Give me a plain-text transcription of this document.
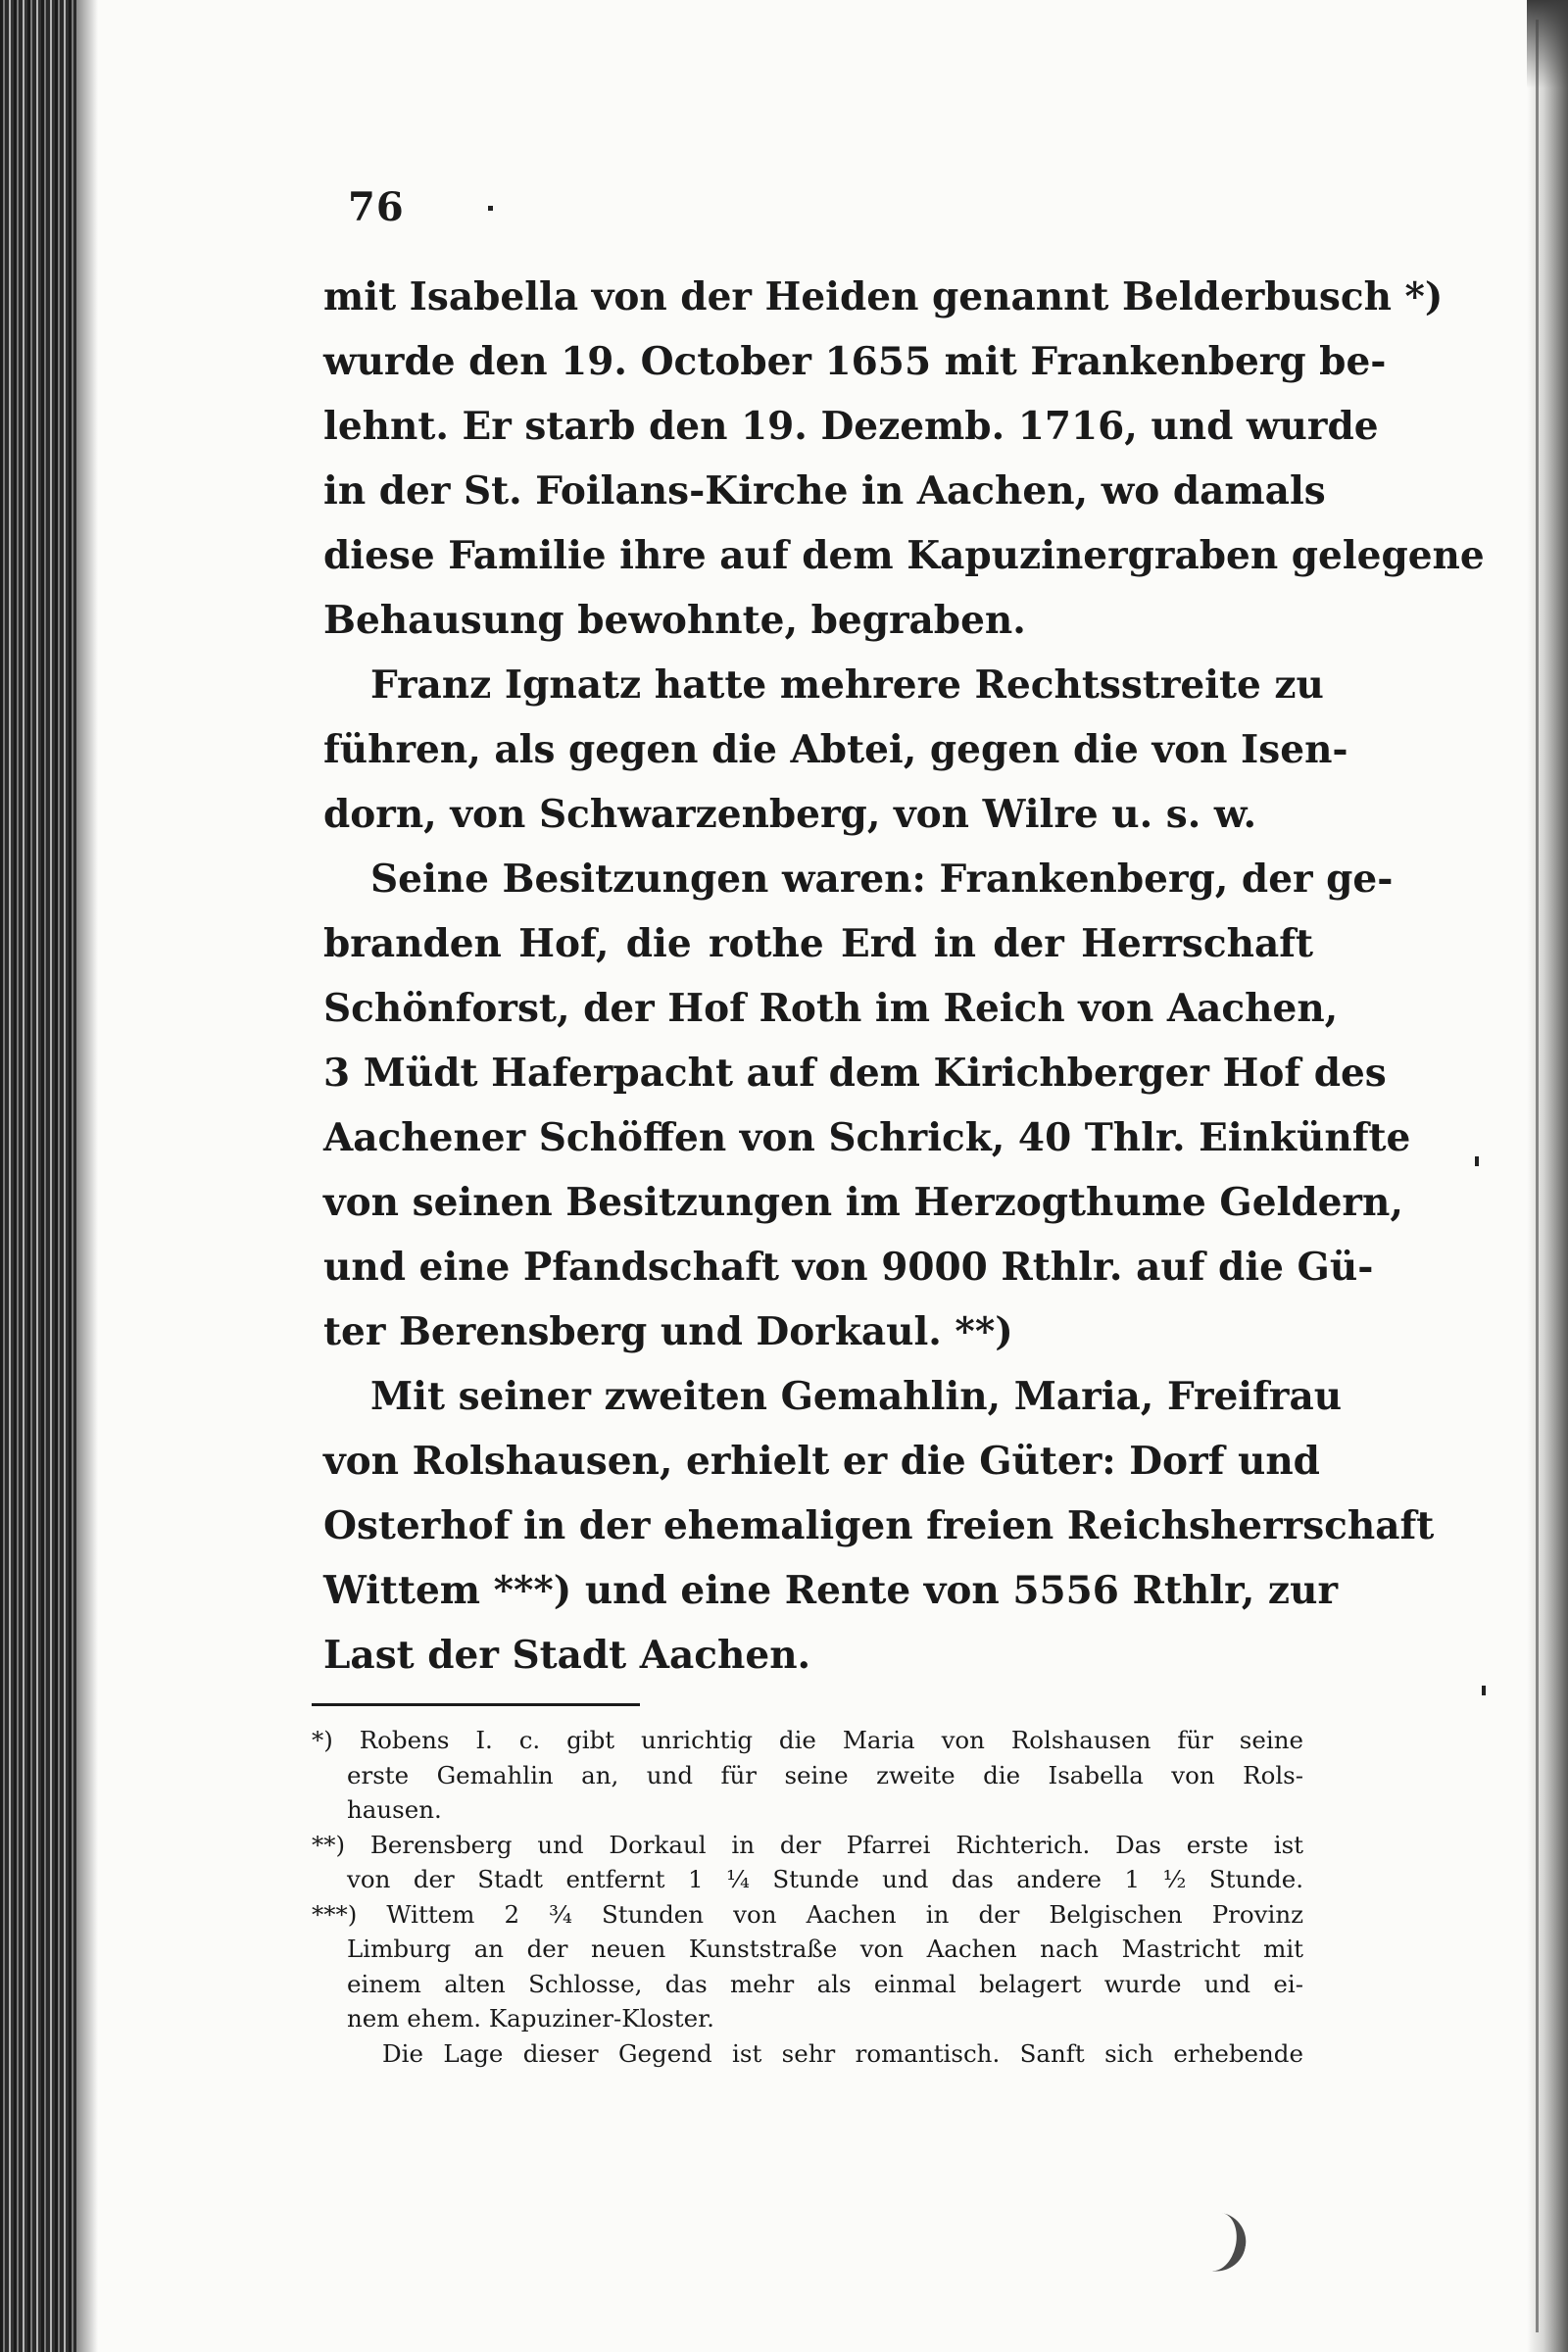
76
mit Isabella von der Heiden genannt Belderbusch *)
wurde den 19. October 1655 mit Frankenberg be-
lehnt. Er starb den 19. Dezemb. 1716, und wurde
in der St. Foilans-Kirche in Aachen, wo damals
diese Familie ihre auf dem Kapuzinergraben gelegene
Behausung bewohnte, begraben.
Franz Ignatz hatte mehrere Rechtsstreite zu
führen, als gegen die Abtei, gegen die von Isen-
dorn, von Schwarzenberg, von Wilre u. s. w.
Seine Besitzungen waren: Frankenberg, der ge-
branden Hof, die rothe Erd in der Herrschaft
Schönforst, der Hof Roth im Reich von Aachen,
3 Müdt Haferpacht auf dem Kirichberger Hof des
Aachener Schöffen von Schrick, 40 Thlr. Einkünfte
von seinen Besitzungen im Herzogthume Geldern,
und eine Pfandschaft von 9000 Rthlr. auf die Gü-
ter Berensberg und Dorkaul. **)
Mit seiner zweiten Gemahlin, Maria, Freifrau
von Rolshausen, erhielt er die Güter: Dorf und
Osterhof in der ehemaligen freien Reichsherrschaft
Wittem ***) und eine Rente von 5556 Rthlr, zur
Last der Stadt Aachen.
*) Robens I. c. gibt unrichtig die Maria von Rolshausen für seine
erste Gemahlin an, und für seine zweite die Isabella von Rols-
hausen.
**) Berensberg und Dorkaul in der Pfarrei Richterich. Das erste ist
von der Stadt entfernt 1 ¼ Stunde und das andere 1 ½ Stunde.
***) Wittem 2 ¾ Stunden von Aachen in der Belgischen Provinz
Limburg an der neuen Kunststraße von Aachen nach Mastricht mit
einem alten Schlosse, das mehr als einmal belagert wurde und ei-
nem ehem. Kapuziner-Kloster.
Die Lage dieser Gegend ist sehr romantisch. Sanft sich erhebende
